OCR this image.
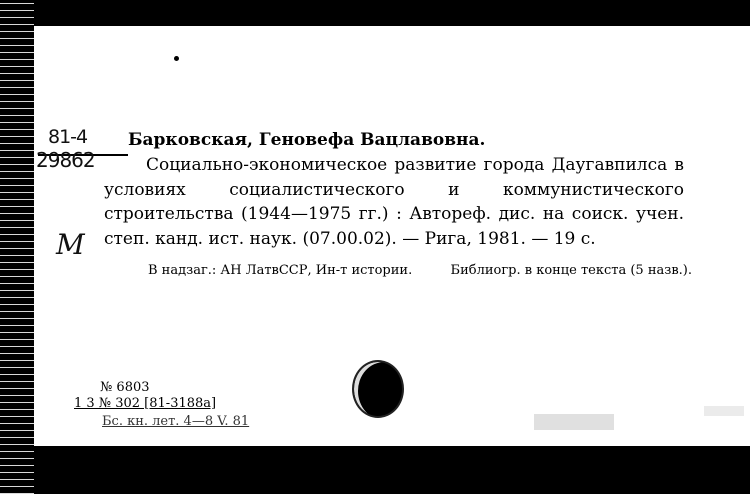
81-4
29862
М
Барковская, Геновефа Вацлавовна.
Социально-экономическое развитие города Даугавпилса в условиях социалистического и коммунистического строительства (1944—1975 гг.) : Автореф. дис. на соиск. учен. степ. канд. ист. наук. (07.00.02). — Рига, 1981. — 19 с.
Библиогр. в конце текста (5 назв.).
В надзаг.: АН ЛатвССР, Ин-т истории.
№ 6803
1 3 № 302 [81-3188а]
Бс. кн. лет. 4—8 V. 81
